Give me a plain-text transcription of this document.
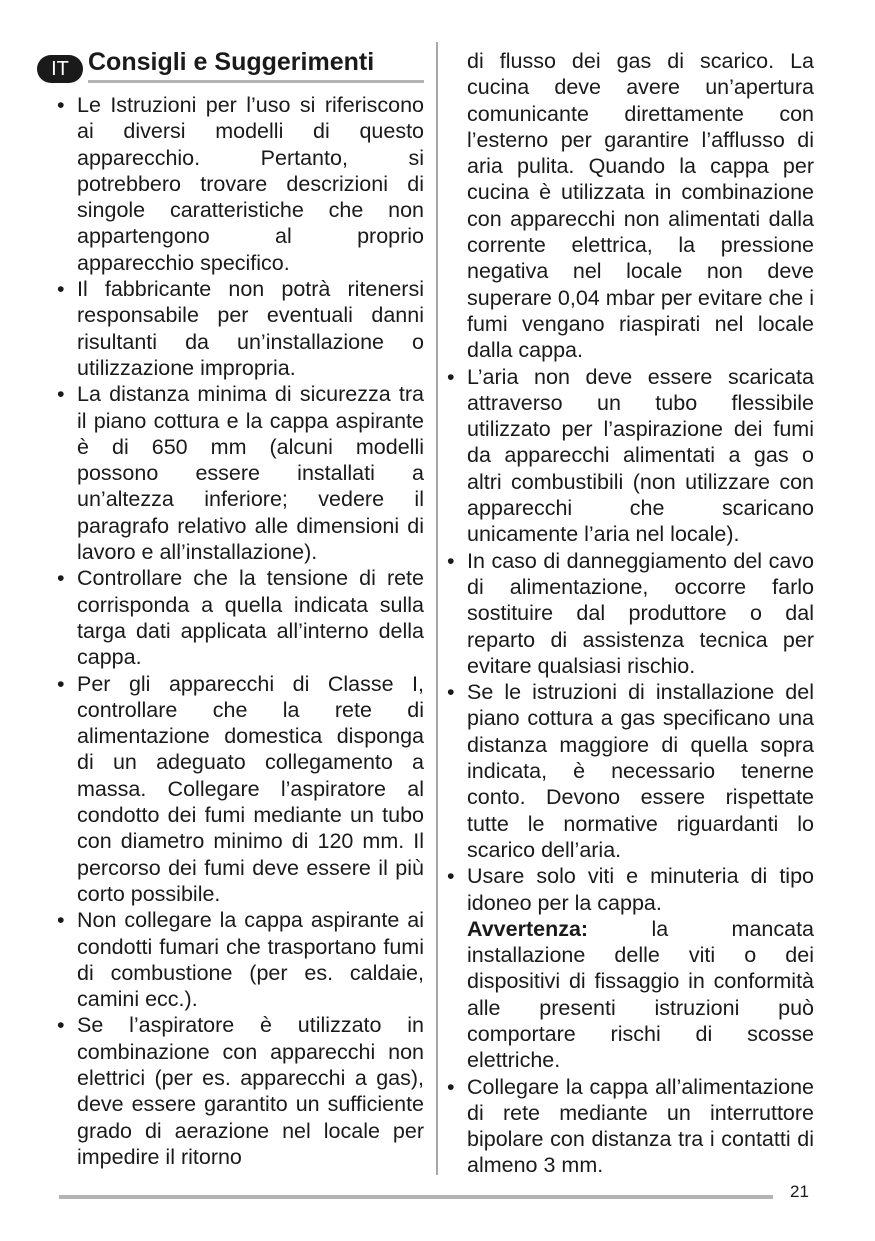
IT Consigli e Suggerimenti
• Le Istruzioni per l’uso si riferiscono ai diversi modelli di questo apparecchio. Pertanto, si potrebbero trovare descrizioni di singole caratteristiche che non appartengono al proprio apparecchio specifico.
• Il fabbricante non potrà ritenersi responsabile per eventuali danni risultanti da un’installazione o utilizzazione impropria.
• La distanza minima di sicurezza tra il piano cottura e la cappa aspirante è di 650 mm (alcuni modelli possono essere installati a un’altezza inferiore; vedere il paragrafo relativo alle dimensioni di lavoro e all’installazione).
• Controllare che la tensione di rete corrisponda a quella indicata sulla targa dati applicata all’interno della cappa.
• Per gli apparecchi di Classe I, controllare che la rete di alimentazione domestica disponga di un adeguato collegamento a massa. Collegare l’aspiratore al condotto dei fumi mediante un tubo con diametro minimo di 120 mm. Il percorso dei fumi deve essere il più corto possibile.
• Non collegare la cappa aspirante ai condotti fumari che trasportano fumi di combustione (per es. caldaie, camini ecc.).
• Se l’aspiratore è utilizzato in combinazione con apparecchi non elettrici (per es. apparecchi a gas), deve essere garantito un sufficiente grado di aerazione nel locale per impedire il ritorno
di flusso dei gas di scarico. La cucina deve avere un’apertura comunicante direttamente con l’esterno per garantire l’afflusso di aria pulita. Quando la cappa per cucina è utilizzata in combinazione con apparecchi non alimentati dalla corrente elettrica, la pressione negativa nel locale non deve superare 0,04 mbar per evitare che i fumi vengano riaspirati nel locale dalla cappa.
• L’aria non deve essere scaricata attraverso un tubo flessibile utilizzato per l’aspirazione dei fumi da apparecchi alimentati a gas o altri combustibili (non utilizzare con apparecchi che scaricano unicamente l’aria nel locale).
• In caso di danneggiamento del cavo di alimentazione, occorre farlo sostituire dal produttore o dal reparto di assistenza tecnica per evitare qualsiasi rischio.
• Se le istruzioni di installazione del piano cottura a gas specificano una distanza maggiore di quella sopra indicata, è necessario tenerne conto. Devono essere rispettate tutte le normative riguardanti lo scarico dell’aria.
• Usare solo viti e minuteria di tipo idoneo per la cappa.
Avvertenza:	la mancata installazione delle viti o dei dispositivi di fissaggio in conformità alle presenti istruzioni può comportare rischi di scosse elettriche.
• Collegare la cappa all’alimentazione di rete mediante un interruttore bipolare con distanza tra i contatti di almeno 3 mm.
21
